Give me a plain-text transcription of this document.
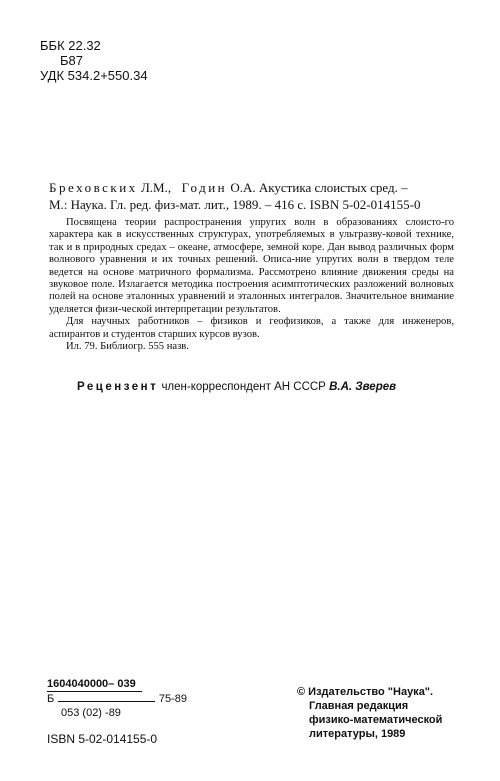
ББК 22.32
Б87
УДК 534.2+550.34
Бреховских Л.М., Годин О.А. Акустика слоистых сред. –
М.: Наука. Гл. ред. физ-мат. лит., 1989. – 416 с. ISBN 5-02-014155-0

Посвящена теории распространения упругих волн в образованиях слоисто-го характера как в искусственных структурах, употребляемых в ультразву-ковой технике, так и в природных средах – океане, атмосфере, земной коре. Дан вывод различных форм волнового уравнения и их точных решений. Описа-ние упругих волн в твердом теле ведется на основе матричного формализма. Рассмотрено влияние движения среды на звуковое поле. Излагается методика построения асимптотических разложений волновых полей на основе эталонных уравнений и эталонных интегралов. Значительное внимание уделяется физи-ческой интерпретации результатов.

Для научных работников – физиков и геофизиков, а также для инженеров, аспирантов и студентов старших курсов вузов.

Ил. 79. Библиогр. 555 назв.

Рецензент член-корреспондент АН СССР В.А. Зверев
1604040000– 039
Б	75-89
053 (02) -89
ISBN 5-02-014155-0
© Издательство "Наука".
Главная редакция
физико-математической
литературы, 1989
